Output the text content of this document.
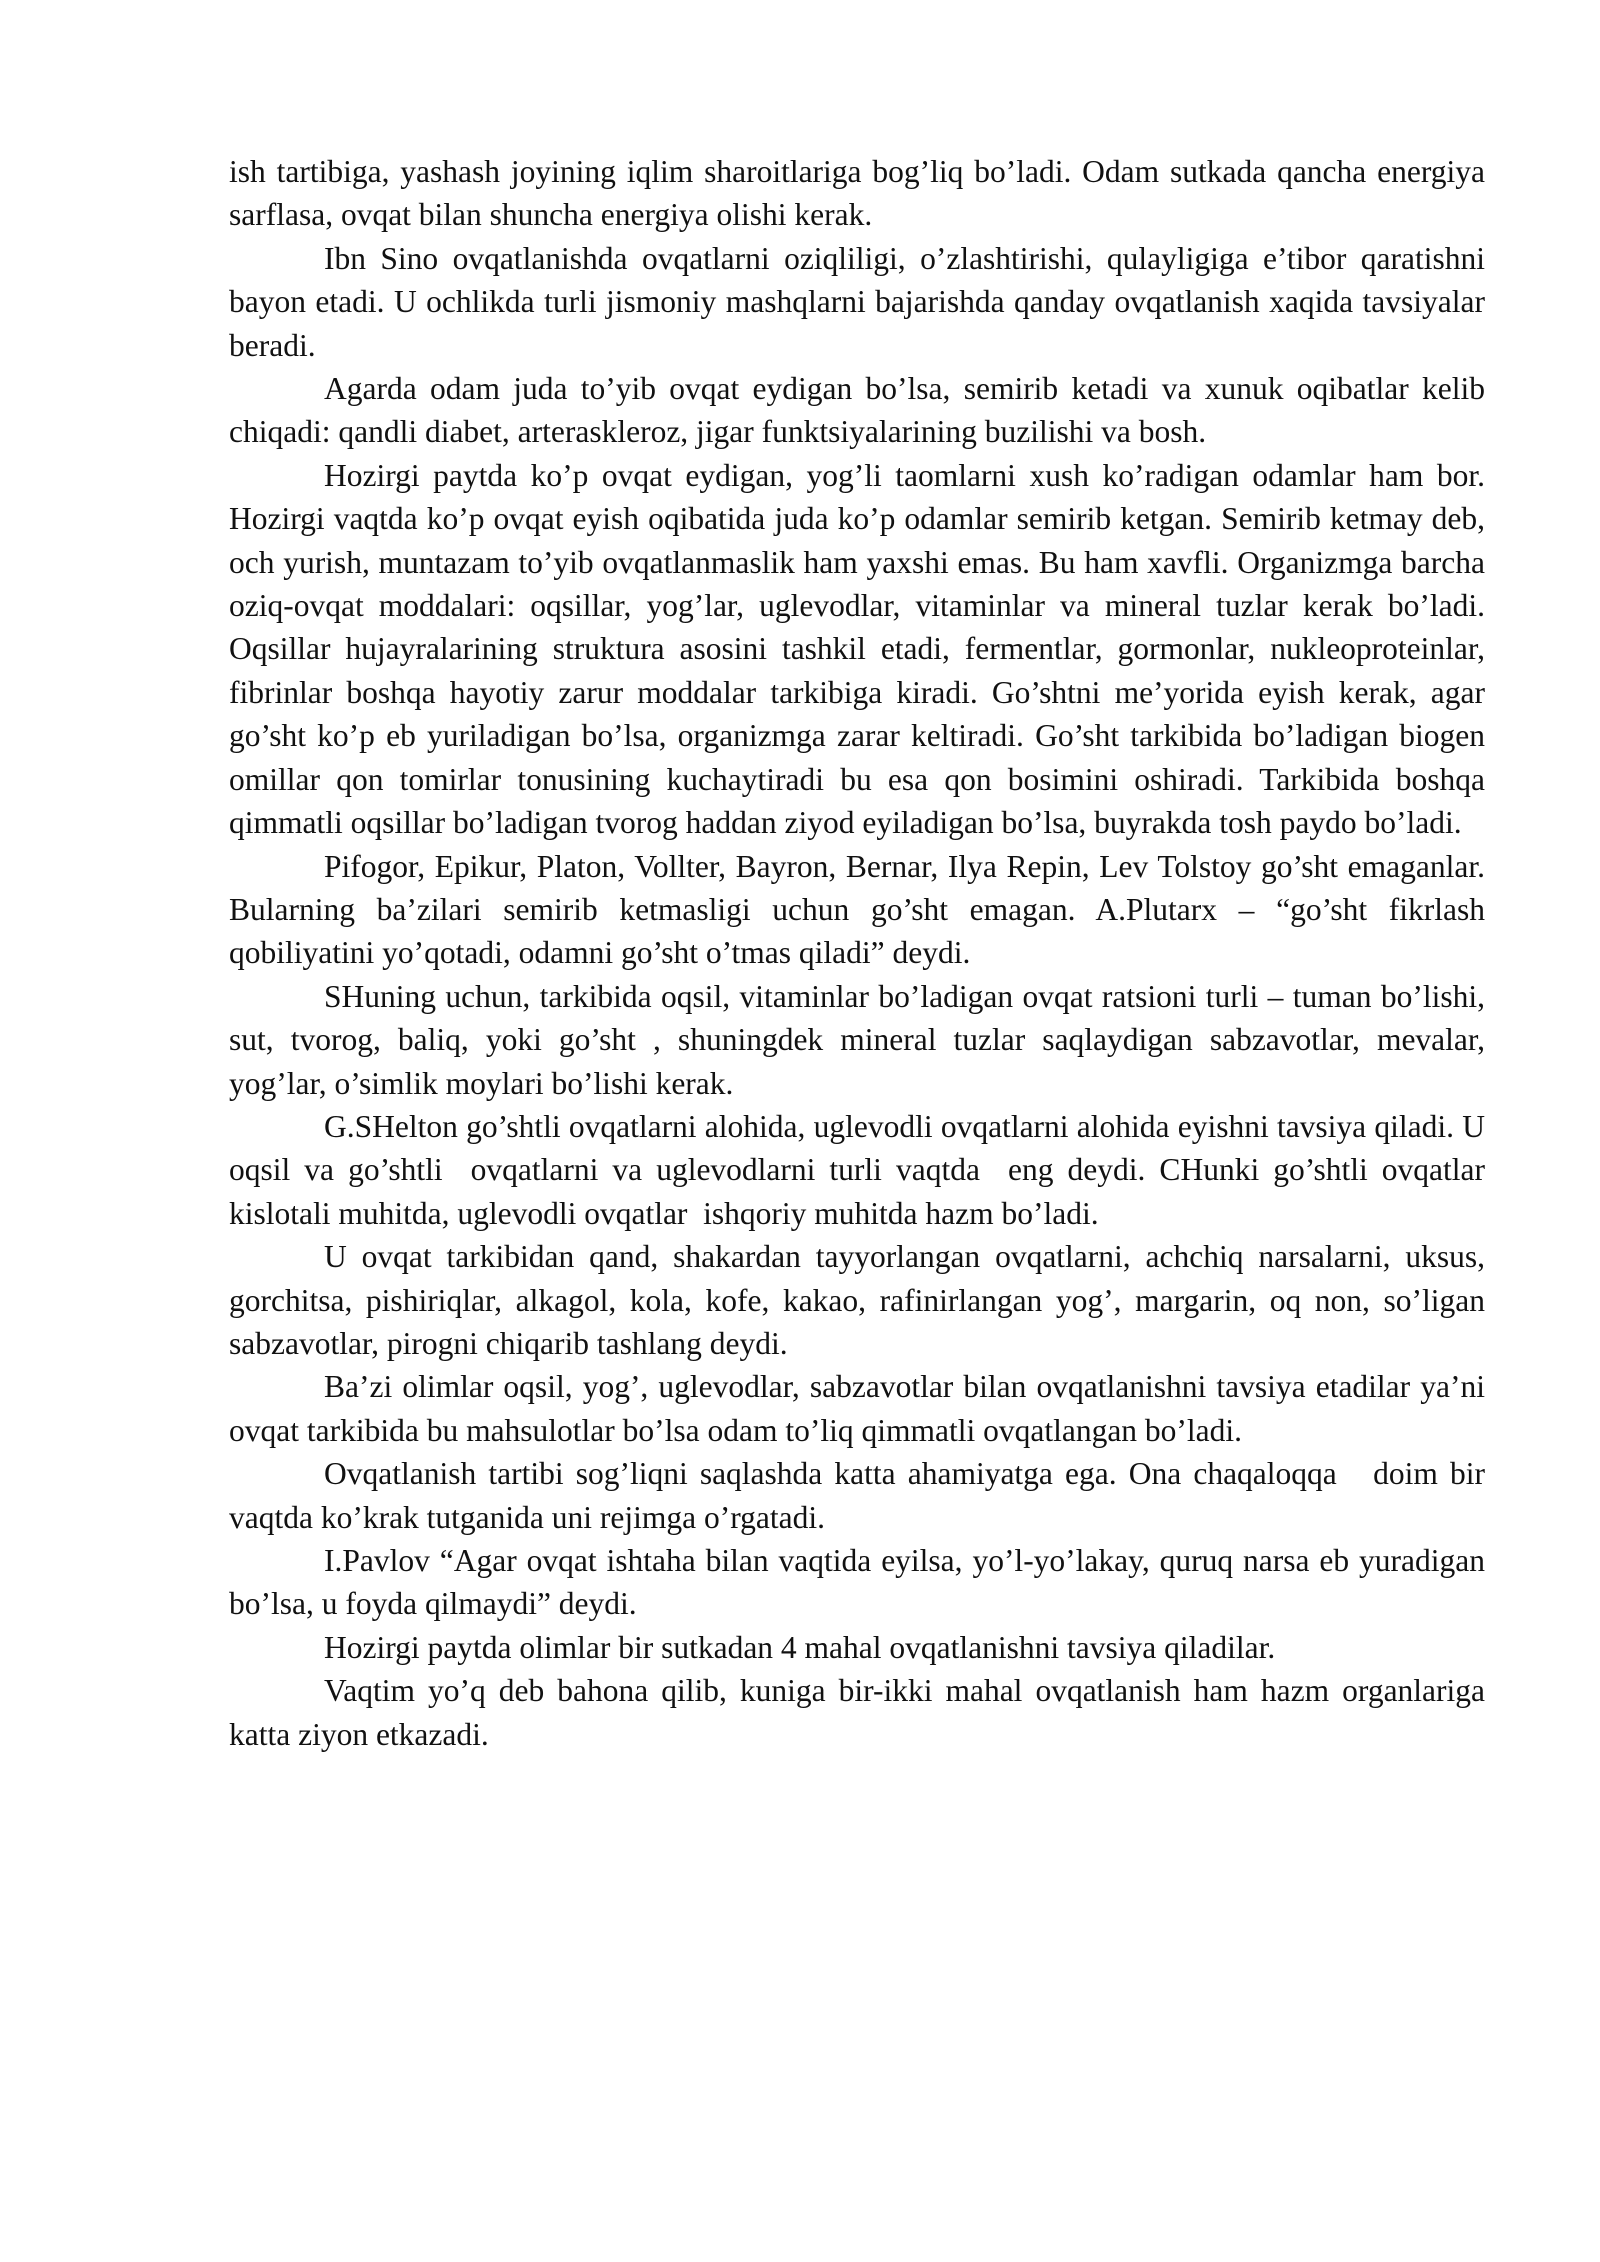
ish tartibiga, yashash joyining iqlim sharoitlariga bog’liq bo’ladi. Odam sutkada qancha energiya sarflasa, ovqat bilan shuncha energiya olishi kerak.

Ibn Sino ovqatlanishda ovqatlarni oziqliligi, o’zlashtirishi, qulayligiga e’tibor qaratishni bayon etadi. U ochlikda turli jismoniy mashqlarni bajarishda qanday ovqatlanish xaqida tavsiyalar beradi.

Agarda odam juda to’yib ovqat eydigan bo’lsa, semirib ketadi va xunuk oqibatlar kelib chiqadi: qandli diabet, arteraskleroz, jigar funktsiyalarining buzilishi va bosh.

Hozirgi paytda ko’p ovqat eydigan, yog’li taomlarni xush ko’radigan odamlar ham bor. Hozirgi vaqtda ko’p ovqat eyish oqibatida juda ko’p odamlar semirib ketgan. Semirib ketmay deb, och yurish, muntazam to’yib ovqatlanmaslik ham yaxshi emas. Bu ham xavfli. Organizmga barcha oziq-ovqat moddalari: oqsillar, yog’lar, uglevodlar, vitaminlar va mineral tuzlar kerak bo’ladi. Oqsillar hujayralarining struktura asosini tashkil etadi, fermentlar, gormonlar, nukleoproteinlar, fibrinlar boshqa hayotiy zarur moddalar tarkibiga kiradi. Go’shtni me’yorida eyish kerak, agar go’sht ko’p eb yuriladigan bo’lsa, organizmga zarar keltiradi. Go’sht tarkibida bo’ladigan biogen omillar qon tomirlar tonusining kuchaytiradi bu esa qon bosimini oshiradi. Tarkibida boshqa qimmatli oqsillar bo’ladigan tvorog haddan ziyod eyiladigan bo’lsa, buyrakda tosh paydo bo’ladi.

Pifogor, Epikur, Platon, Vollter, Bayron, Bernar, Ilya Repin, Lev Tolstoy go’sht emaganlar. Bularning ba’zilari semirib ketmasligi uchun go’sht emagan. A.Plutarx – “go’sht fikrlash qobiliyatini yo’qotadi, odamni go’sht o’tmas qiladi” deydi.

SHuning uchun, tarkibida oqsil, vitaminlar bo’ladigan ovqat ratsioni turli – tuman bo’lishi, sut, tvorog, baliq, yoki go’sht , shuningdek mineral tuzlar saqlaydigan sabzavotlar, mevalar, yog’lar, o’simlik moylari bo’lishi kerak.

G.SHelton go’shtli ovqatlarni alohida, uglevodli ovqatlarni alohida eyishni tavsiya qiladi. U oqsil va go’shtli  ovqatlarni va uglevodlarni turli vaqtda  eng deydi. CHunki go’shtli ovqatlar kislotali muhitda, uglevodli ovqatlar  ishqoriy muhitda hazm bo’ladi.

U ovqat tarkibidan qand, shakardan tayyorlangan ovqatlarni, achchiq narsalarni, uksus, gorchitsa, pishiriqlar, alkagol, kola, kofe, kakao, rafinirlangan yog’, margarin, oq non, so’ligan sabzavotlar, pirogni chiqarib tashlang deydi.

Ba’zi olimlar oqsil, yog’, uglevodlar, sabzavotlar bilan ovqatlanishni tavsiya etadilar ya’ni ovqat tarkibida bu mahsulotlar bo’lsa odam to’liq qimmatli ovqatlangan bo’ladi.

Ovqatlanish tartibi sog’liqni saqlashda katta ahamiyatga ega. Ona chaqaloqqa   doim bir vaqtda ko’krak tutganida uni rejimga o’rgatadi.

I.Pavlov “Agar ovqat ishtaha bilan vaqtida eyilsa, yo’l-yo’lakay, quruq narsa eb yuradigan bo’lsa, u foyda qilmaydi” deydi.

Hozirgi paytda olimlar bir sutkadan 4 mahal ovqatlanishni tavsiya qiladilar.

Vaqtim yo’q deb bahona qilib, kuniga bir-ikki mahal ovqatlanish ham hazm organlariga katta ziyon etkazadi.
